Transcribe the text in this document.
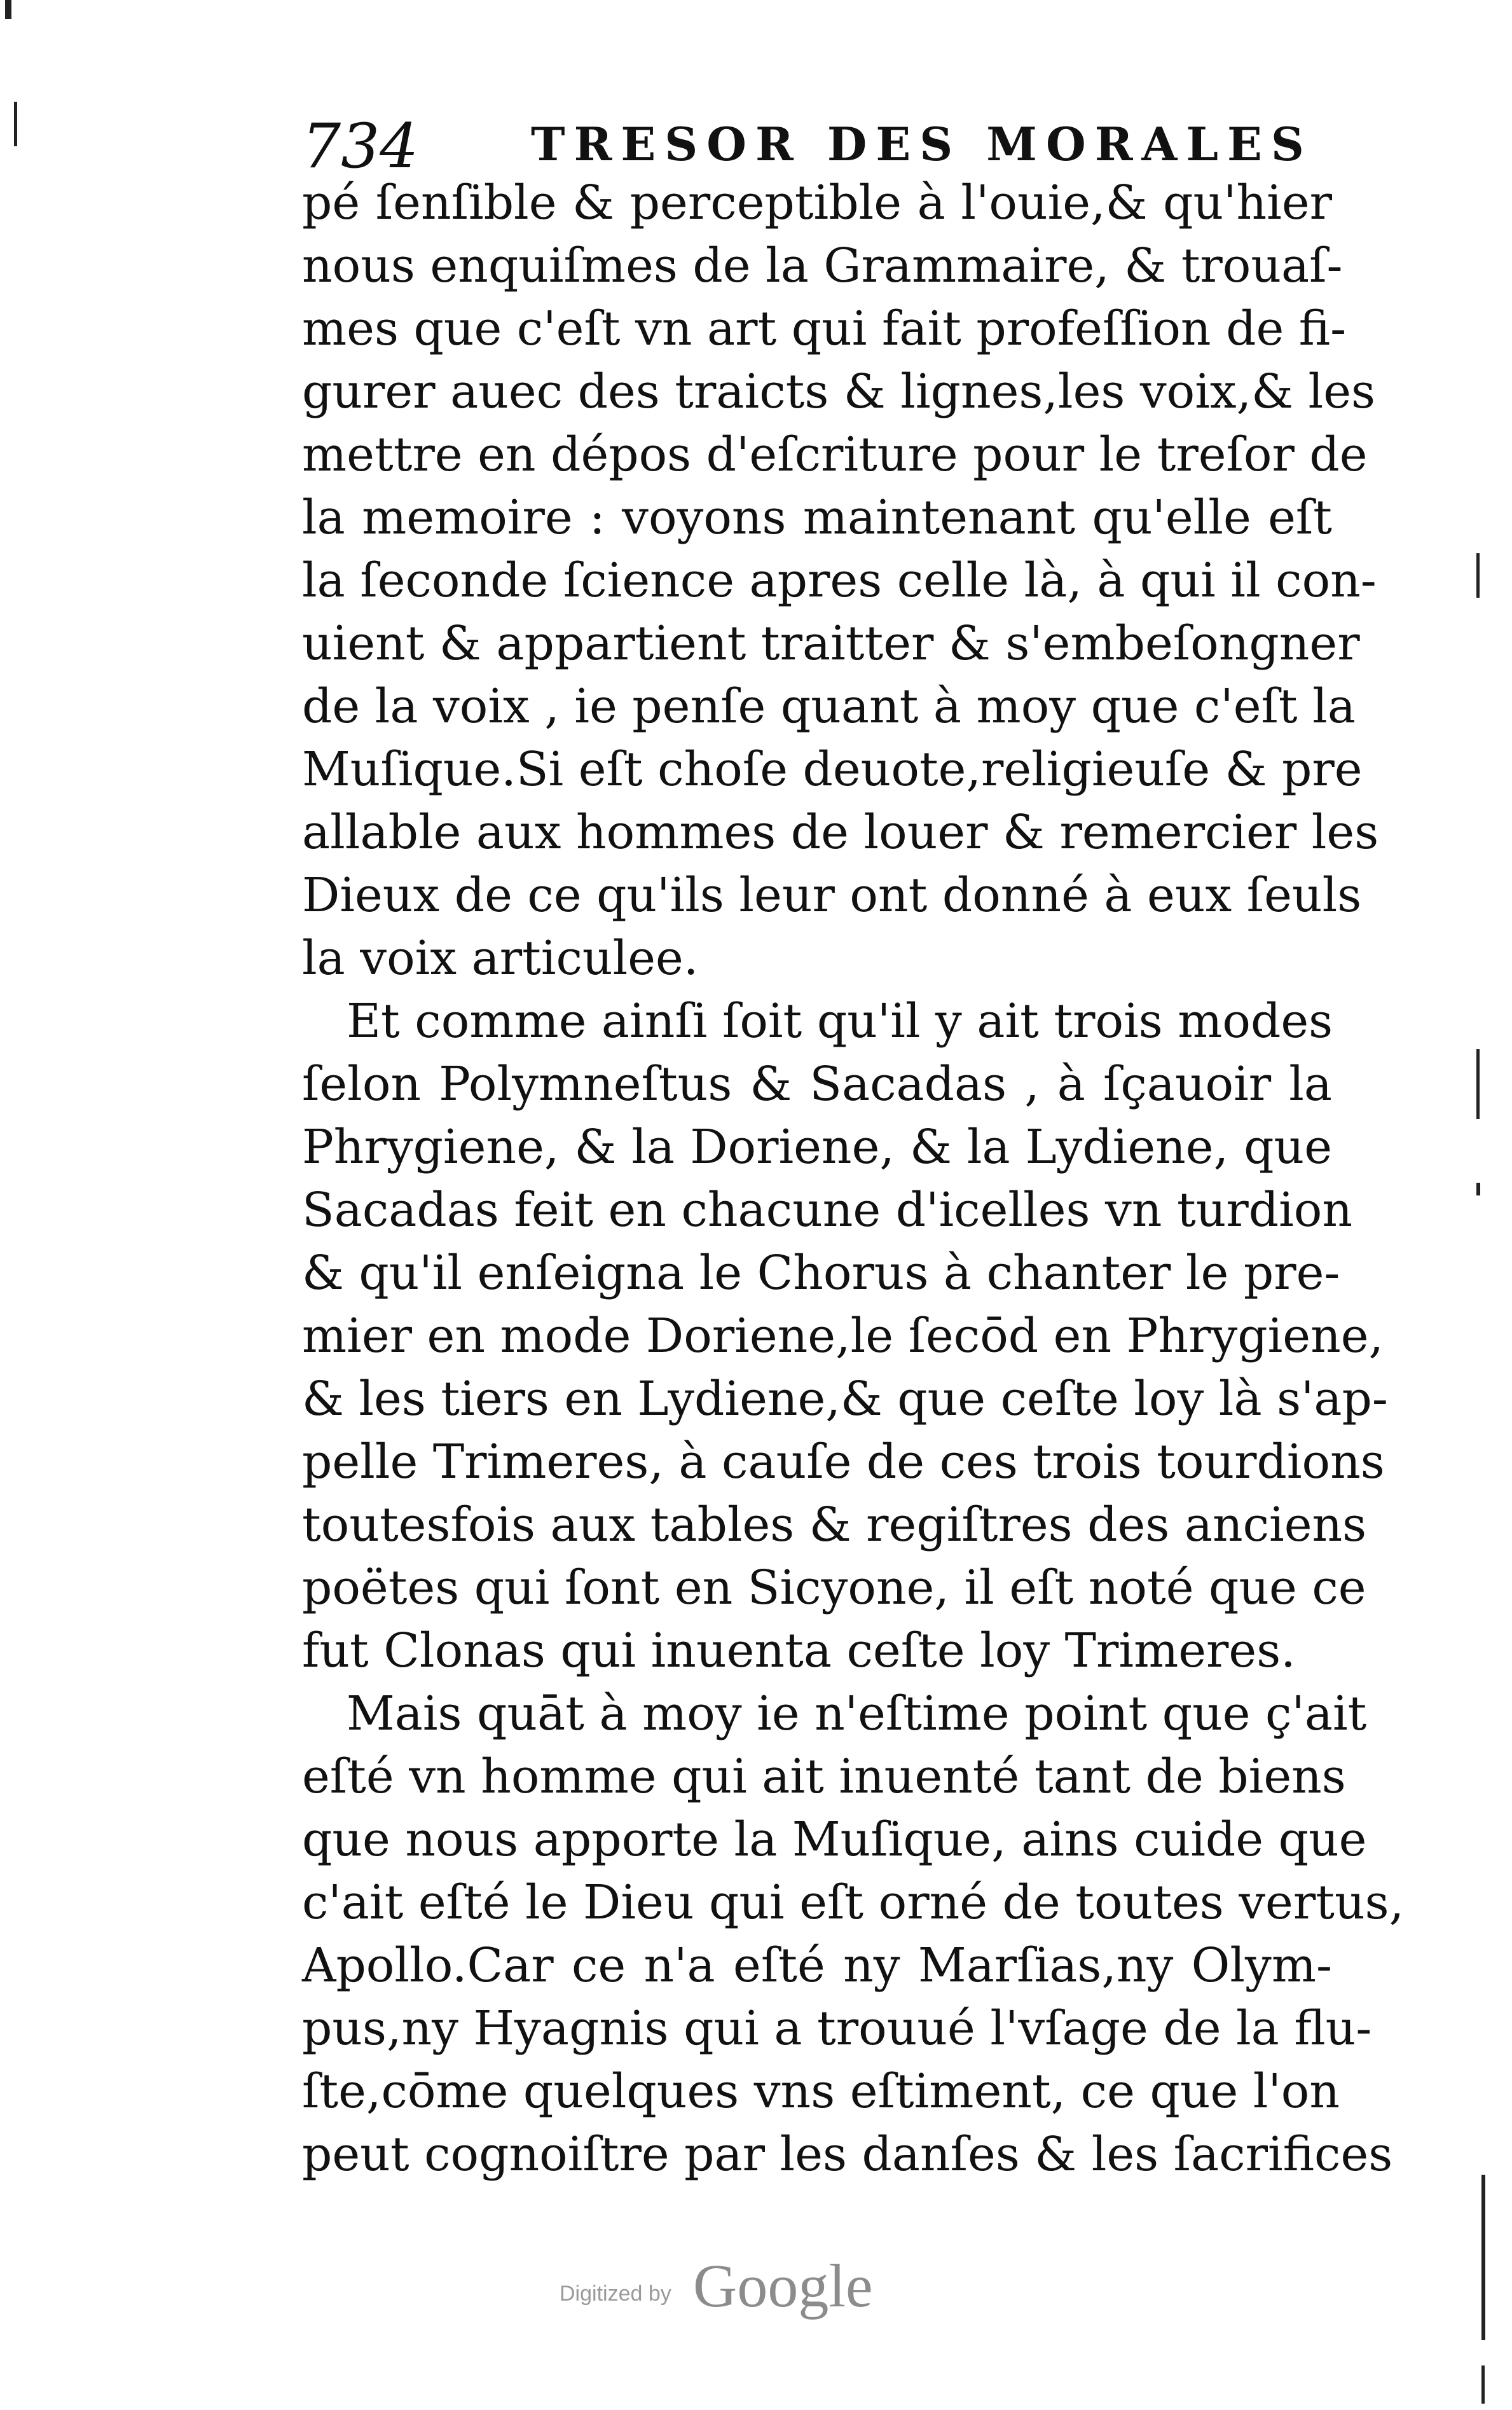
734 TRESOR DES MORALES
pé ſenſible & perceptible à l'ouie,& qu'hier
nous enquiſmes de la Grammaire, & trouaſ-
mes que c'eſt vn art qui fait profeſſion de fi-
gurer auec des traicts & lignes,les voix,& les
mettre en dépos d'eſcriture pour le treſor de
la memoire : voyons maintenant qu'elle eſt
la ſeconde ſcience apres celle là, à qui il con-
uient & appartient traitter & s'embeſongner
de la voix , ie penſe quant à moy que c'eſt la
Muſique.Si eſt choſe deuote,religieuſe & pre
allable aux hommes de louer & remercier les
Dieux de ce qu'ils leur ont donné à eux ſeuls
la voix articulee.
Et comme ainſi ſoit qu'il y ait trois modes
ſelon Polymneſtus & Sacadas , à ſçauoir la
Phrygiene, & la Doriene, & la Lydiene, que
Sacadas feit en chacune d'icelles vn turdion
& qu'il enſeigna le Chorus à chanter le pre-
mier en mode Doriene,le ſecōd en Phrygiene,
& les tiers en Lydiene,& que ceſte loy là s'ap-
pelle Trimeres, à cauſe de ces trois tourdions
toutesfois aux tables & regiſtres des anciens
poëtes qui ſont en Sicyone, il eſt noté que ce
fut Clonas qui inuenta ceſte loy Trimeres.
Mais quāt à moy ie n'eſtime point que ç'ait
eſté vn homme qui ait inuenté tant de biens
que nous apporte la Muſique, ains cuide que
c'ait eſté le Dieu qui eſt orné de toutes vertus,
Apollo.Car ce n'a eſté ny Marſias,ny Olym-
pus,ny Hyagnis qui a trouué l'vſage de la flu-
ſte,cōme quelques vns eſtiment, ce que l'on
peut cognoiſtre par les danſes & les ſacrifices
Digitized by Google
